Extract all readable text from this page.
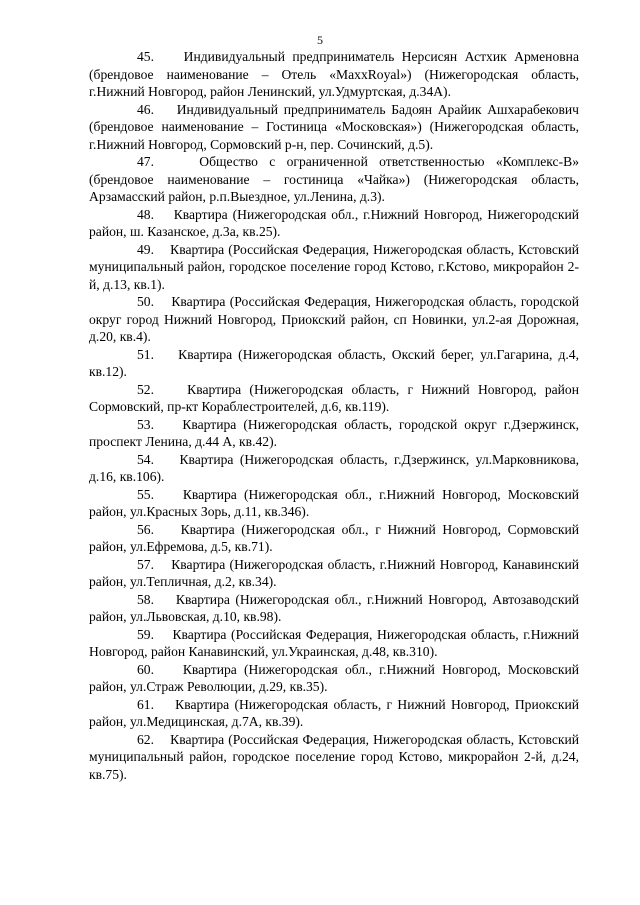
5

45. Индивидуальный предприниматель Нерсисян Астхик Арменовна (брендовое наименование – Отель «MaxxRoyal») (Нижегородская область, г.Нижний Новгород, район Ленинский, ул.Удмуртская, д.34А).

46. Индивидуальный предприниматель Бадоян Арайик Ашхарабекович (брендовое наименование – Гостиница «Московская») (Нижегородская область, г.Нижний Новгород, Сормовский р-н, пер. Сочинский, д.5).

47.	Общество с ограниченной ответственностью «Комплекс-В» (брендовое наименование – гостиница «Чайка») (Нижегородская область, Арзамасский район, р.п.Выездное, ул.Ленина, д.3).

48. Квартира (Нижегородская обл., г.Нижний Новгород, Нижегородский район, ш. Казанское, д.3а, кв.25).

49. Квартира (Российская Федерация, Нижегородская область, Кстовский муниципальный район, городское поселение город Кстово, г.Кстово, микрорайон 2-й, д.13, кв.1).

50. Квартира (Российская Федерация, Нижегородская область, городской округ город Нижний Новгород, Приокский район, сп Новинки, ул.2-ая Дорожная, д.20, кв.4).

51. Квартира (Нижегородская область, Окский берег, ул.Гагарина, д.4, кв.12).

52. Квартира (Нижегородская область, г Нижний Новгород, район Сормовский, пр-кт Кораблестроителей, д.6, кв.119).

53. Квартира (Нижегородская область, городской округ г.Дзержинск, проспект Ленина, д.44 А, кв.42).

54. Квартира (Нижегородская область, г.Дзержинск, ул.Марковникова, д.16, кв.106).

55. Квартира (Нижегородская обл., г.Нижний Новгород, Московский район, ул.Красных Зорь, д.11, кв.346).

56. Квартира (Нижегородская обл., г Нижний Новгород, Сормовский район, ул.Ефремова, д.5, кв.71).

57. Квартира (Нижегородская область, г.Нижний Новгород, Канавинский район, ул.Тепличная, д.2, кв.34).

58. Квартира (Нижегородская обл., г.Нижний Новгород, Автозаводский район, ул.Львовская, д.10, кв.98).

59. Квартира (Российская Федерация, Нижегородская область, г.Нижний Новгород, район Канавинский, ул.Украинская, д.48, кв.310).

60. Квартира (Нижегородская обл., г.Нижний Новгород, Московский район, ул.Страж Революции, д.29, кв.35).

61. Квартира (Нижегородская область, г Нижний Новгород, Приокский район, ул.Медицинская, д.7А, кв.39).

62. Квартира (Российская Федерация, Нижегородская область, Кстовский муниципальный район, городское поселение город Кстово, микрорайон 2-й, д.24, кв.75).
